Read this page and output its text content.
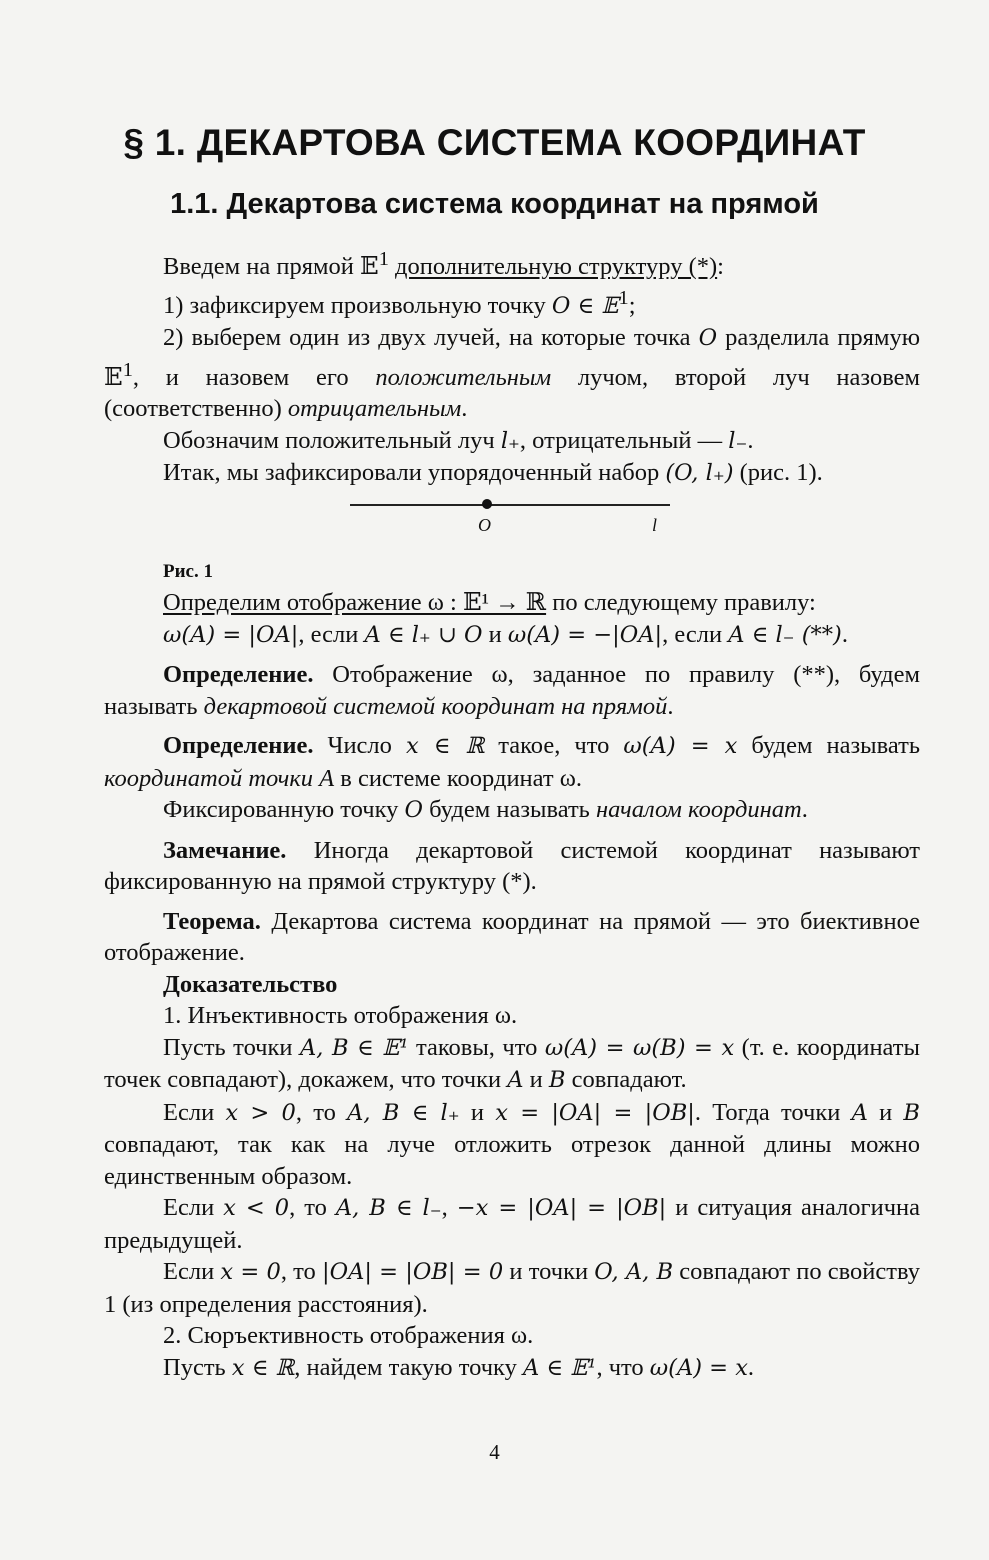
§ 1. ДЕКАРТОВА СИСТЕМА КООРДИНАТ
1.1. Декартова система координат на прямой

Введем на прямой 𝔼$^1$ дополнительную структуру (*):

1) зафиксируем произвольную точку O ∈ 𝔼$^1$;

2) выберем один из двух лучей, на которые точка O разделила прямую 𝔼$^1$, и назовем его положительным лучом, второй луч назовем (соответственно) отрицательным.

Обозначим положительный луч l₊, отрицательный — l₋.

Итак, мы зафиксировали упорядоченный набор (O, l₊) (рис. 1).

O	l

Рис. 1

Определим отображение ω : 𝔼¹ → ℝ по следующему правилу:

ω(A) = |OA|, если A ∈ l₊ ∪ O и ω(A) = −|OA|, если A ∈ l₋ (**).

Определение. Отображение ω, заданное по правилу (**), будем называть декартовой системой координат на прямой.

Определение. Число x ∈ ℝ такое, что ω(A) = x будем называть координатой точки A в системе координат ω.

Фиксированную точку O будем называть началом координат.

Замечание. Иногда декартовой системой координат называют фиксированную на прямой структуру (*).

Теорема. Декартова система координат на прямой — это биективное отображение.

Доказательство

1. Инъективность отображения ω.

Пусть точки A, B ∈ 𝔼¹ таковы, что ω(A) = ω(B) = x (т. е. координаты точек совпадают), докажем, что точки A и B совпадают.

Если x > 0, то A, B ∈ l₊ и x = |OA| = |OB|. Тогда точки A и B совпадают, так как на луче отложить отрезок данной длины можно единственным образом.

Если x < 0, то A, B ∈ l₋, −x = |OA| = |OB| и ситуация аналогична предыдущей.

Если x = 0, то |OA| = |OB| = 0 и точки O, A, B совпадают по свойству 1 (из определения расстояния).

2. Сюръективность отображения ω.

Пусть x ∈ ℝ, найдем такую точку A ∈ 𝔼¹, что ω(A) = x.

4
